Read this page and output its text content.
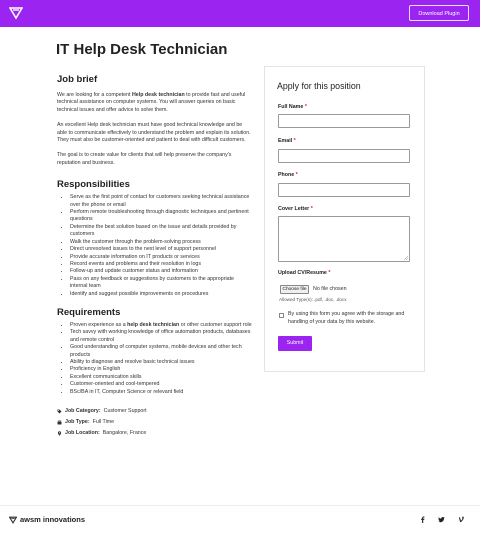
Download Plugin
IT Help Desk Technician
Job brief

We are looking for a competent Help desk technician to provide fast and useful technical assistance on computer systems. You will answer queries on basic technical issues and offer advice to solve them.

An excellent Help desk technician must have good technical knowledge and be able to communicate effectively to understand the problem and explain its solution. They must also be customer-oriented and patient to deal with difficult customers.

The goal is to create value for clients that will help preserve the company's reputation and business.

Responsibilities
• Serve as the first point of contact for customers seeking technical assistance over the phone or email
• Perform remote troubleshooting through diagnostic techniques and pertinent questions
• Determine the best solution based on the issue and details provided by customers
• Walk the customer through the problem-solving process
• Direct unresolved issues to the next level of support personnel
• Provide accurate information on IT products or services
• Record events and problems and their resolution in logs
• Follow-up and update customer status and information
• Pass on any feedback or suggestions by customers to the appropriate internal team
• Identify and suggest possible improvements on procedures
Requirements
• Proven experience as a help desk technician or other customer support role
• Tech savvy with working knowledge of office automation products, databases and remote control
• Good understanding of computer systems, mobile devices and other tech products
• Ability to diagnose and resolve basic technical issues
• Proficiency in English
• Excellent communication skills
• Customer-oriented and cool-tempered
• BSc/BA in IT, Computer Science or relevant field
Job Category: Customer Support
Job Type: Full Time
Job Location: Bangalore, France
Apply for this position
Full Name *
Email *
Phone *
Cover Letter *
Upload CV/Resume *
Choose file	No file chosen
Allowed Type(s): .pdf, .doc, .docx
By using this form you agree with the storage and handling of your data by this website.
Submit
awsm innovations
